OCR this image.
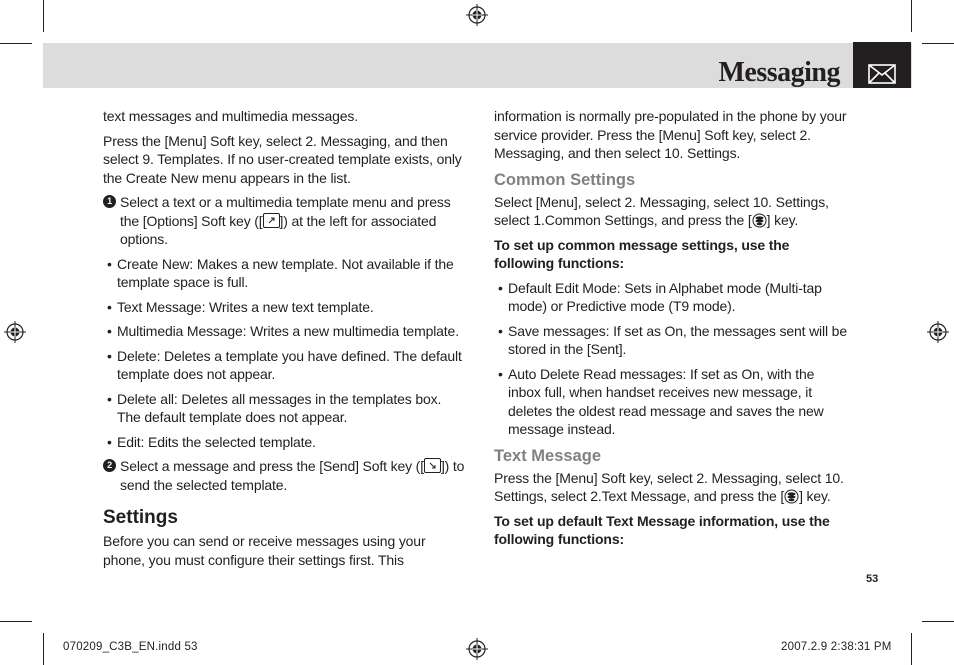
Messaging

text messages and multimedia messages.

Press the [Menu] Soft key, select 2. Messaging, and then select 9. Templates. If no user-created template exists, only the Create New menu appears in the list.

1 Select a text or a multimedia template menu and press the [Options] Soft key ([ ]) at the left for associated options.

• Create New: Makes a new template. Not available if the template space is full.

• Text Message: Writes a new text template.

• Multimedia Message: Writes a new multimedia template.

• Delete: Deletes a template you have defined. The default template does not appear.

• Delete all: Deletes all messages in the templates box. The default template does not appear.

• Edit: Edits the selected template.

2 Select a message and press the [Send] Soft key ([ ]) to send the selected template.

Settings

Before you can send or receive messages using your phone, you must configure their settings first. This

information is normally pre-populated in the phone by your service provider. Press the [Menu] Soft key, select 2. Messaging, and then select 10. Settings.

Common Settings

Select [Menu], select 2. Messaging, select 10. Settings, select 1.Common Settings, and press the [ ] key.

To set up common message settings, use the following functions:

• Default Edit Mode: Sets in Alphabet mode (Multi-tap mode) or Predictive mode (T9 mode).

• Save messages: If set as On, the messages sent will be stored in the [Sent].

• Auto Delete Read messages: If set as On, with the inbox full, when handset receives new message, it deletes the oldest read message and saves the new message instead.

Text Message

Press the [Menu] Soft key, select 2. Messaging, select 10. Settings, select 2.Text Message, and press the [ ] key.

To set up default Text Message information, use the following functions:

53
070209_C3B_EN.indd 53	2007.2.9 2:38:31 PM
